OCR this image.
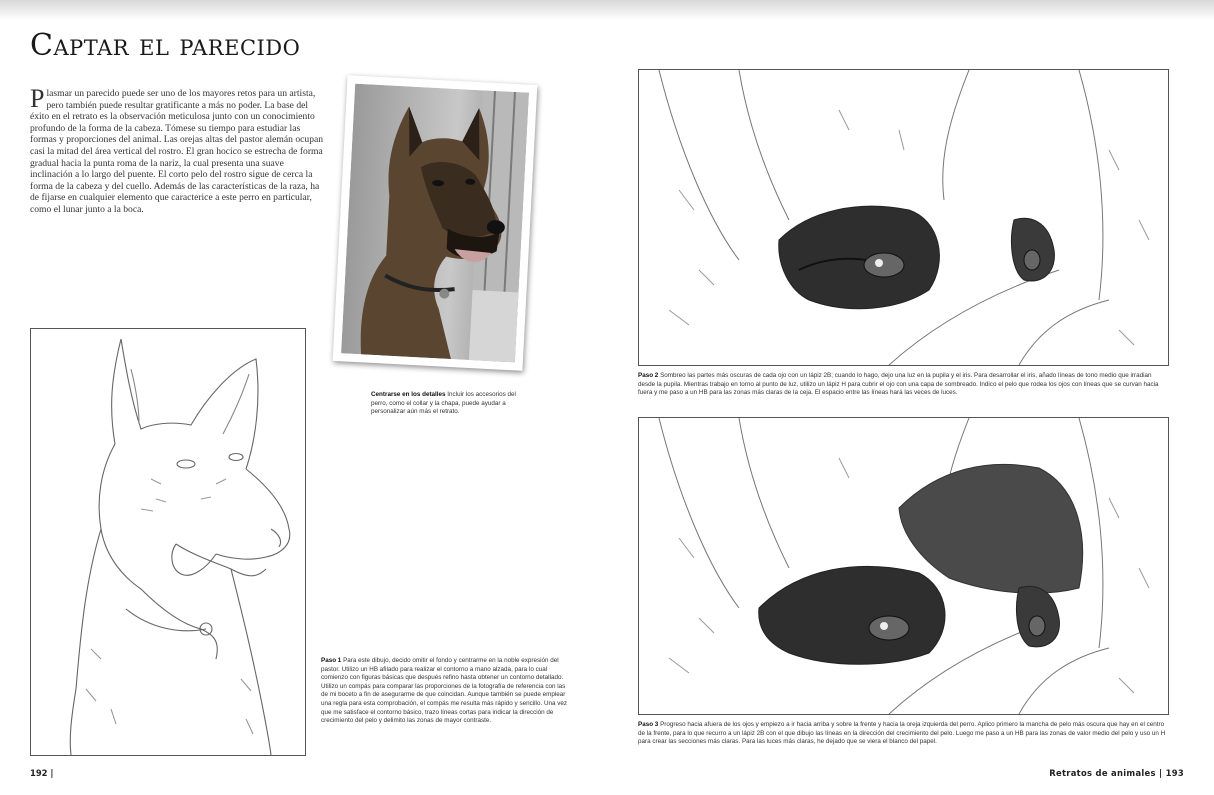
Captar el parecido

Plasmar un parecido puede ser uno de los mayores retos para un artista, pero también puede resultar gratificante a más no poder. La base del éxito en el retrato es la observación meticulosa junto con un conocimiento profundo de la forma de la cabeza. Tómese su tiempo para estudiar las formas y proporciones del animal. Las orejas altas del pastor alemán ocupan casi la mitad del área vertical del rostro. El gran hocico se estrecha de forma gradual hacia la punta roma de la nariz, la cual presenta una suave inclinación a lo largo del puente. El corto pelo del rostro sigue de cerca la forma de la cabeza y del cuello. Además de las características de la raza, ha de fijarse en cualquier elemento que caracterice a este perro en particular, como el lunar junto a la boca.

Centrarse en los detalles Incluir los accesorios del perro, como el collar y la chapa, puede ayudar a personalizar aún más el retrato.

Paso 1 Para este dibujo, decido omitir el fondo y centrarme en la noble expresión del pastor. Utilizo un HB afilado para realizar el contorno a mano alzada, para lo cual comienzo con figuras básicas que después refino hasta obtener un contorno detallado. Utilizo un compás para comparar las proporciones de la fotografía de referencia con las de mi boceto a fin de asegurarme de que coincidan. Aunque también se puede emplear una regla para esta comprobación, el compás me resulta más rápido y sencillo. Una vez que me satisface el contorno básico, trazo líneas cortas para indicar la dirección de crecimiento del pelo y delimito las zonas de mayor contraste.

Paso 2 Sombreo las partes más oscuras de cada ojo con un lápiz 2B; cuando lo hago, dejo una luz en la pupila y el iris. Para desarrollar el iris, añado líneas de tono medio que irradian desde la pupila. Mientras trabajo en torno al punto de luz, utilizo un lápiz H para cubrir el ojo con una capa de sombreado. Indico el pelo que rodea los ojos con líneas que se curvan hacia fuera y me paso a un HB para las zonas más claras de la ceja. El espacio entre las líneas hará las veces de luces.

Paso 3 Progreso hacia afuera de los ojos y empiezo a ir hacia arriba y sobre la frente y hacia la oreja izquierda del perro. Aplico primero la mancha de pelo más oscura que hay en el centro de la frente, para lo que recurro a un lápiz 2B con el que dibujo las líneas en la dirección del crecimiento del pelo. Luego me paso a un HB para las zonas de valor medio del pelo y uso un H para crear las secciones más claras. Para las luces más claras, he dejado que se viera el blanco del papel.

192 |	Retratos de animales | 193
